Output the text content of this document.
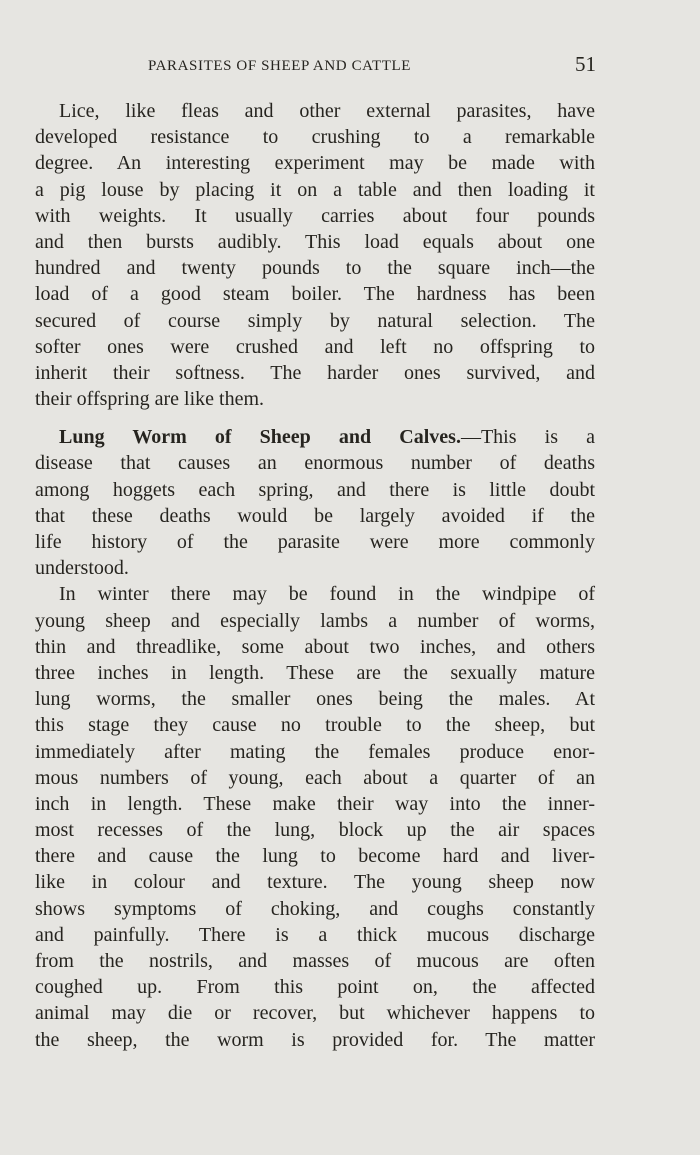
PARASITES OF SHEEP AND CATTLE	51
Lice, like fleas and other external parasites, have
developed resistance to crushing to a remarkable
degree. An interesting experiment may be made with
a pig louse by placing it on a table and then loading it
with weights. It usually carries about four pounds
and then bursts audibly. This load equals about one
hundred and twenty pounds to the square inch—the
load of a good steam boiler. The hardness has been
secured of course simply by natural selection. The
softer ones were crushed and left no offspring to
inherit their softness. The harder ones survived, and
their offspring are like them.
Lung Worm of Sheep and Calves.—This is a
disease that causes an enormous number of deaths
among hoggets each spring, and there is little doubt
that these deaths would be largely avoided if the
life history of the parasite were more commonly
understood.
In winter there may be found in the windpipe of
young sheep and especially lambs a number of worms,
thin and threadlike, some about two inches, and others
three inches in length. These are the sexually mature
lung worms, the smaller ones being the males. At
this stage they cause no trouble to the sheep, but
immediately after mating the females produce enor-
mous numbers of young, each about a quarter of an
inch in length. These make their way into the inner-
most recesses of the lung, block up the air spaces
there and cause the lung to become hard and liver-
like in colour and texture. The young sheep now
shows symptoms of choking, and coughs constantly
and painfully. There is a thick mucous discharge
from the nostrils, and masses of mucous are often
coughed up. From this point on, the affected
animal may die or recover, but whichever happens to
the sheep, the worm is provided for. The matter
